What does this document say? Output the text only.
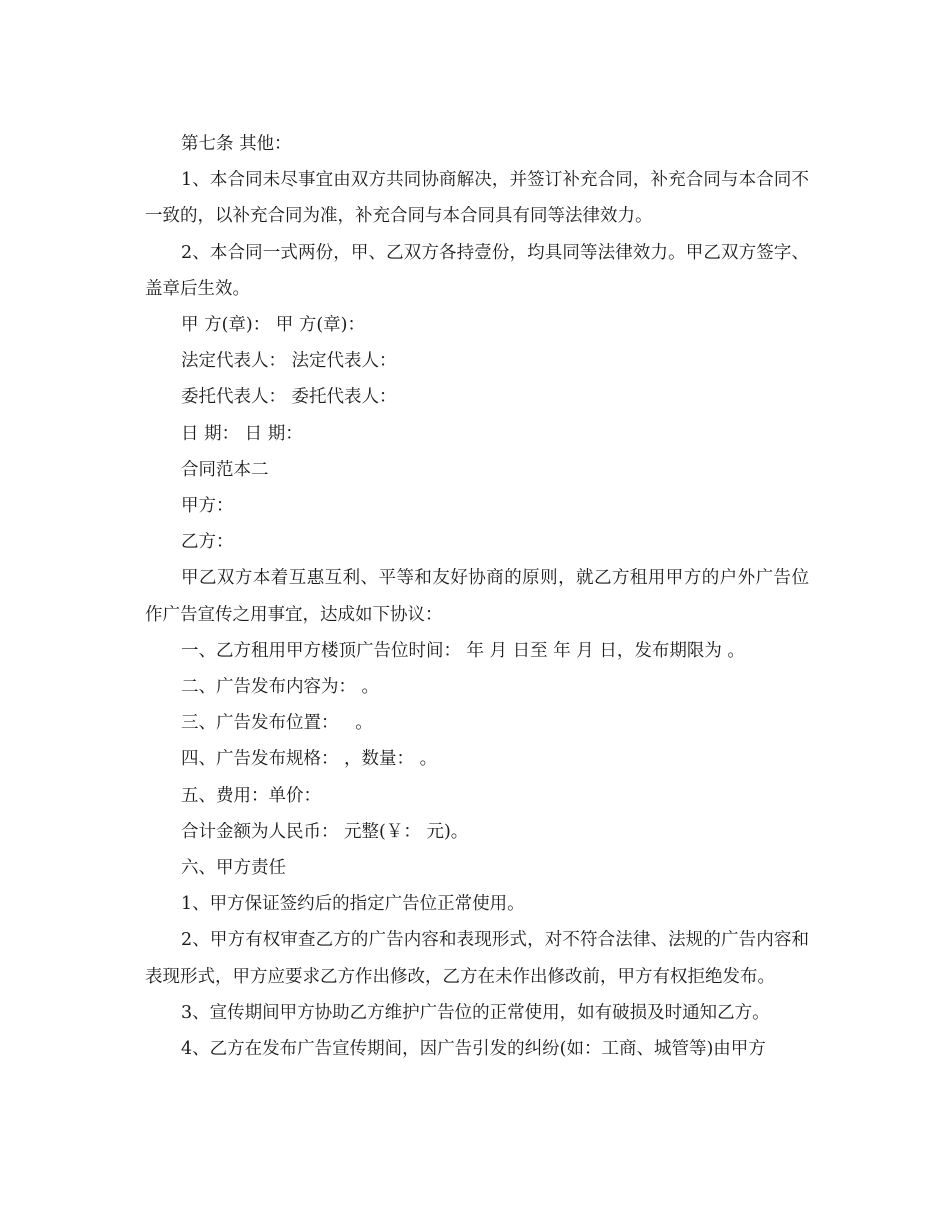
第七条 其他：

1、本合同未尽事宜由双方共同协商解决，并签订补充合同，补充合同与本合同不一致的，以补充合同为准，补充合同与本合同具有同等法律效力。

2、本合同一式两份，甲、乙双方各持壹份，均具同等法律效力。甲乙双方签字、盖章后生效。

甲 方(章)： 甲 方(章)：

法定代表人： 法定代表人：

委托代表人： 委托代表人：

日 期： 日 期：

合同范本二

甲方：

乙方：

甲乙双方本着互惠互利、平等和友好协商的原则，就乙方租用甲方的户外广告位作广告宣传之用事宜，达成如下协议：

一、乙方租用甲方楼顶广告位时间： 年 月 日至 年 月 日，发布期限为 。

二、广告发布内容为： 。

三、广告发布位置：   。

四、广告发布规格： ，数量： 。

五、费用：单价：

合计金额为人民币： 元整(￥： 元)。

六、甲方责任

1、甲方保证签约后的指定广告位正常使用。

2、甲方有权审查乙方的广告内容和表现形式，对不符合法律、法规的广告内容和表现形式，甲方应要求乙方作出修改，乙方在未作出修改前，甲方有权拒绝发布。

3、宣传期间甲方协助乙方维护广告位的正常使用，如有破损及时通知乙方。

4、乙方在发布广告宣传期间，因广告引发的纠纷(如：工商、城管等)由甲方
